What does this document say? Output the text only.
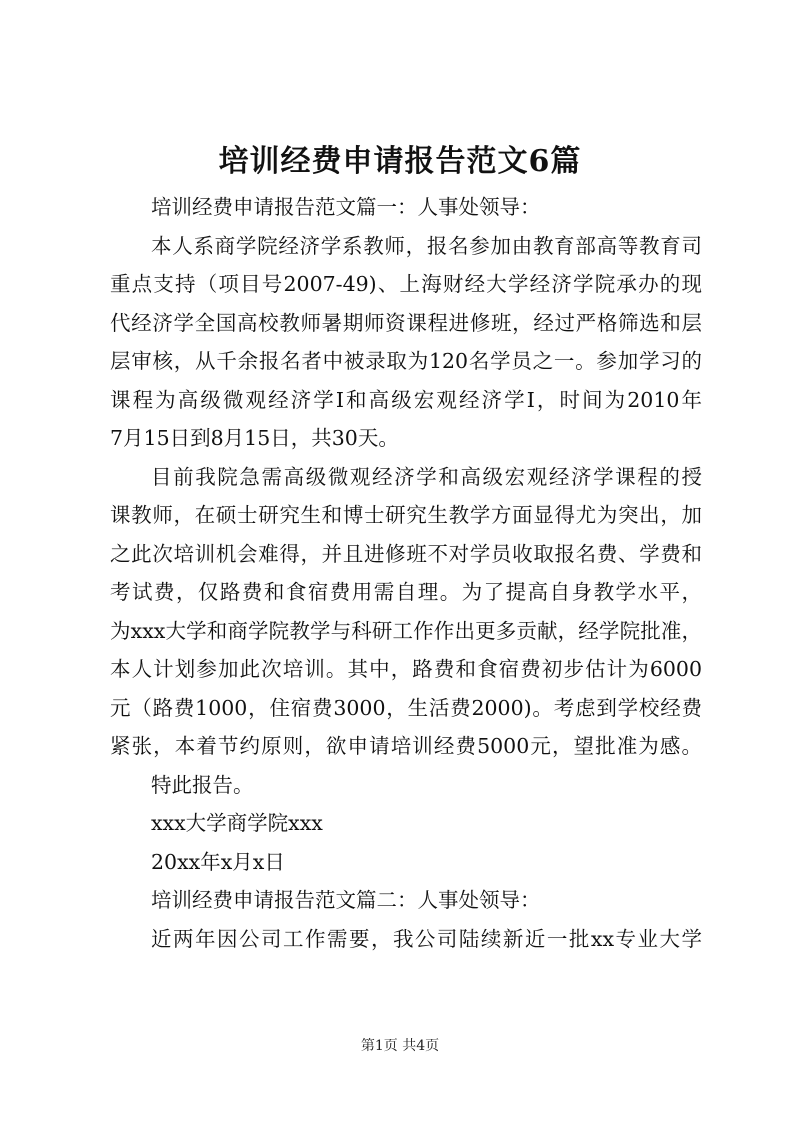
培训经费申请报告范文6篇
培训经费申请报告范文篇一：人事处领导：
本人系商学院经济学系教师，报名参加由教育部高等教育司
重点支持（项目号2007-49)、上海财经大学经济学院承办的现
代经济学全国高校教师暑期师资课程进修班，经过严格筛选和层
层审核，从千余报名者中被录取为120名学员之一。参加学习的
课程为高级微观经济学Ⅰ和高级宏观经济学Ⅰ，时间为2010年
7月15日到8月15日，共30天。
目前我院急需高级微观经济学和高级宏观经济学课程的授
课教师，在硕士研究生和博士研究生教学方面显得尤为突出，加
之此次培训机会难得，并且进修班不对学员收取报名费、学费和
考试费，仅路费和食宿费用需自理。为了提高自身教学水平，
为xxx大学和商学院教学与科研工作作出更多贡献，经学院批准，
本人计划参加此次培训。其中，路费和食宿费初步估计为6000
元（路费1000，住宿费3000，生活费2000)。考虑到学校经费
紧张，本着节约原则，欲申请培训经费5000元，望批准为感。
特此报告。
xxx大学商学院xxx
20xx年x月x日
培训经费申请报告范文篇二：人事处领导：
近两年因公司工作需要，我公司陆续新近一批xx专业大学
第1页 共4页
